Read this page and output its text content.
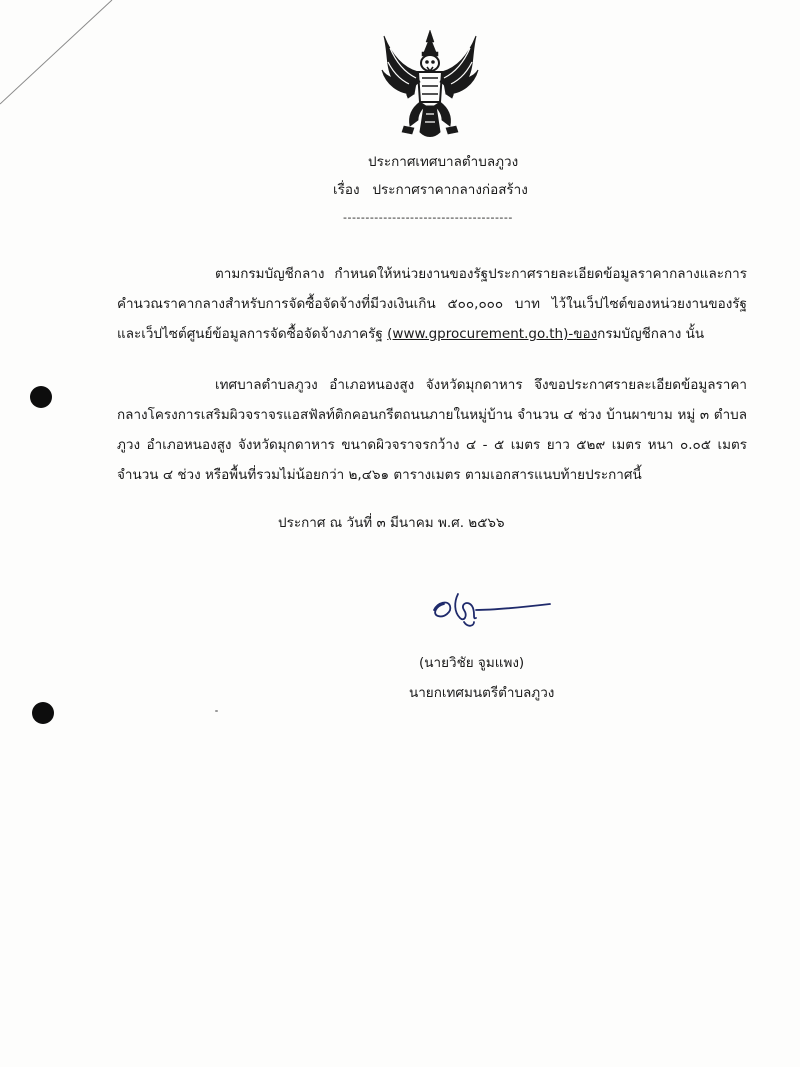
ประกาศเทศบาลตำบลภูวง
เรื่อง ประกาศราคากลางก่อสร้าง
--------------------------------------

ตามกรมบัญชีกลาง กำหนดให้หน่วยงานของรัฐประกาศรายละเอียดข้อมูลราคากลางและการคำนวณราคากลางสำหรับการจัดซื้อจัดจ้างที่มีวงเงินเกิน ๕๐๐,๐๐๐ บาท ไว้ในเว็ปไซต์ของหน่วยงานของรัฐและเว็ปไซต์ศูนย์ข้อมูลการจัดซื้อจัดจ้างภาครัฐ (www.gprocurement.go.th)-ของกรมบัญชีกลาง นั้น

เทศบาลตำบลภูวง อำเภอหนองสูง จังหวัดมุกดาหาร จึงขอประกาศรายละเอียดข้อมูลราคากลางโครงการเสริมผิวจราจรแอสฟัลท์ติกคอนกรีตถนนภายในหมู่บ้าน จำนวน ๔ ช่วง บ้านผาขาม หมู่ ๓ ตำบลภูวง อำเภอหนองสูง จังหวัดมุกดาหาร ขนาดผิวจราจรกว้าง ๔ - ๕ เมตร ยาว ๕๒๙ เมตร หนา ๐.๐๕ เมตร จำนวน ๔ ช่วง หรือพื้นที่รวมไม่น้อยกว่า ๒,๔๖๑ ตารางเมตร ตามเอกสารแนบท้ายประกาศนี้

ประกาศ ณ วันที่ ๓ มีนาคม พ.ศ. ๒๕๖๖
(นายวิชัย จูมแพง)
นายกเทศมนตรีตำบลภูวง
